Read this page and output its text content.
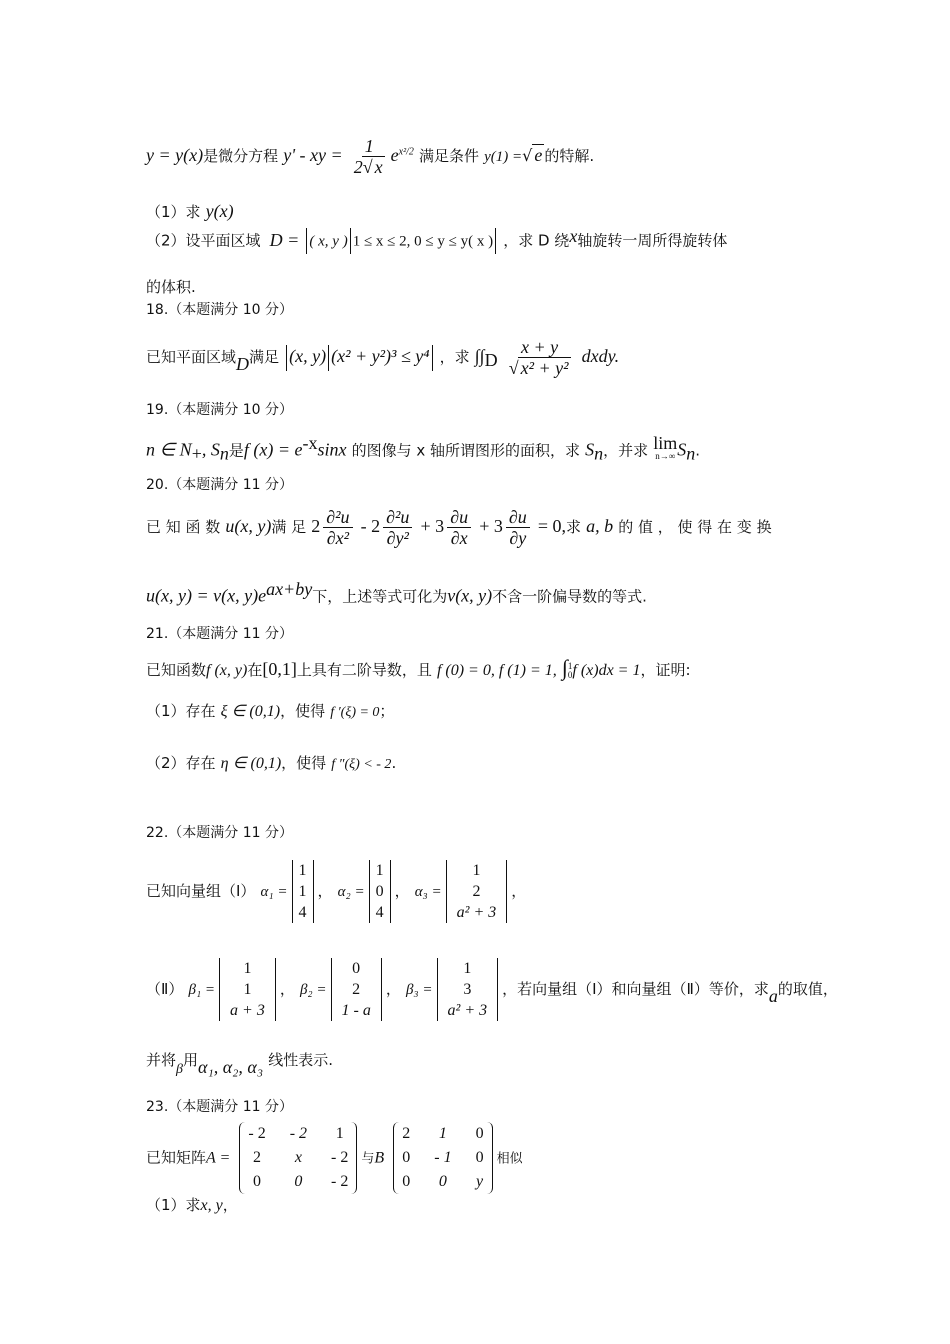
y = y(x)是微分方程 y' - xy = $\frac{1}{2√ x} e^{x^2/2}$ 满足条件 y(1) =√ e 的特解.
（1）求 y(x)
（2）设平面区域 D = ( x, y ) 1 ≤ x ≤ 2, 0 ≤ y ≤ y( x ) ，求 D 绕x轴旋转一周所得旋转体
的体积.
18.（本题满分 10 分）
已知平面区域D满足 (x, y) (x² + y²)³ ≤ y⁴ ，求 $\int\int_D \frac{x + y}{\text{√ x² + y²}}$ dxdy.
19.（本题满分 10 分）
n ∈ $N_+$, $S_n$是f $(x) = e^{-x}\sin x$ 的图像与 x 轴所谓图形的面积，求 $S_n$，并求 lim
n→∞ $S_n$.
20.（本题满分 11 分）
已 知 函 数 u(x, y)满 足 $2 \frac{\text{∂²u}}{\text{∂x²}} - 2 \frac{\text{∂²u}}{\text{∂y²}} + 3 \frac{\partial u}{\partial x} + 3 \frac{\partial u}{\partial y} = 0$,求 a, b 的 值 ， 使 得 在 变 换
u(x, y) = v(x, $y)e^{ax+by}$下，上述等式可化为v(x, y)不含一阶偏导数的等式.
21.（本题满分 11 分）
已知函数f (x, y)在[0,1]上具有二阶导数，且 f (0) = 0, f (1) = 1, ∫ 1
0 f (x)dx = 1，证明:
（1）存在 ξ ∈ (0,1)，使得 f ′(ξ) = 0；
（2）存在 η ∈ (0,1)，使得 f ″(ξ) < - 2.
22.（本题满分 11 分）
已知向量组（Ⅰ） α₁ =
1
1
4
， α₂ =
1
0
4
， α₃ =
1
2
a² + 3
，
（Ⅱ） β₁ =
1
1
a + 3
， β₂ =
0
2
1 - a
， β₃ =
1
3
a² + 3
，若向量组（Ⅰ）和向量组（Ⅱ）等价，求a的取值，
并将β用α₁, α₂, α₃ 线性表示.
23.（本题满分 11 分）
已知矩阵A =
- 2 - 2 1
2	x	- 2
0 0 - 2
与B
2 1 0
0 - 1 0
0 0 y
相似
（1）求x, y，
